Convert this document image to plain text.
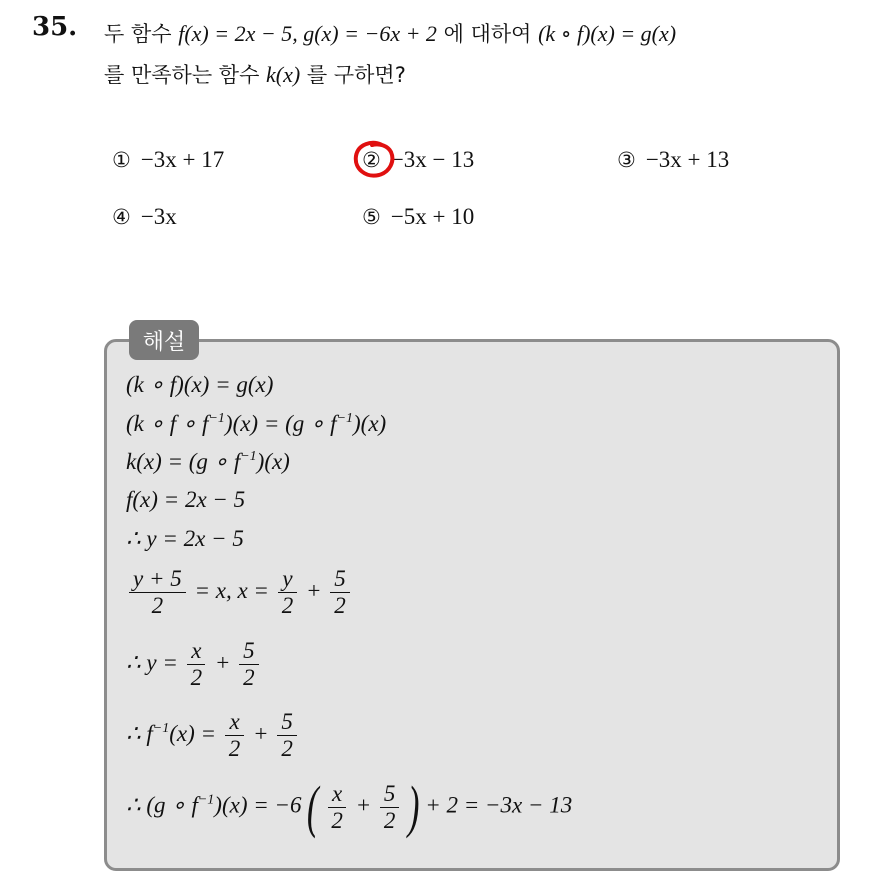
35. 두 함수 f(x) = 2x − 5, g(x) = −6x + 2 에 대하여 (k ∘ f)(x) = g(x)
를 만족하는 함수 k(x) 를 구하면?
① −3x + 17	② −3x − 13	③ −3x + 13
④ −3x	⑤ −5x + 10
해설
(k ∘ f)(x) = g(x)
(k ∘ f ∘ $f^{-1})(x) = (g$ ∘ $f^{-1})(x)$
k(x) = (g ∘ $f^{-1})(x)$
f(x) = 2x − 5
∴ y = 2x − 5
$\frac{y + 5}{2} = x$, $x = \frac{y}{2} + \frac{5}{2}$
∴ $y = \frac{x}{2} + \frac{5}{2}$
∴ $f^{-1}(x) = \frac{x}{2} + \frac{5}{2}$
∴ (g ∘ $f^{-1})(x) = -6$ ( $\frac{x}{2} + \frac{5}{2}$ ) + 2 = −3x − 13
